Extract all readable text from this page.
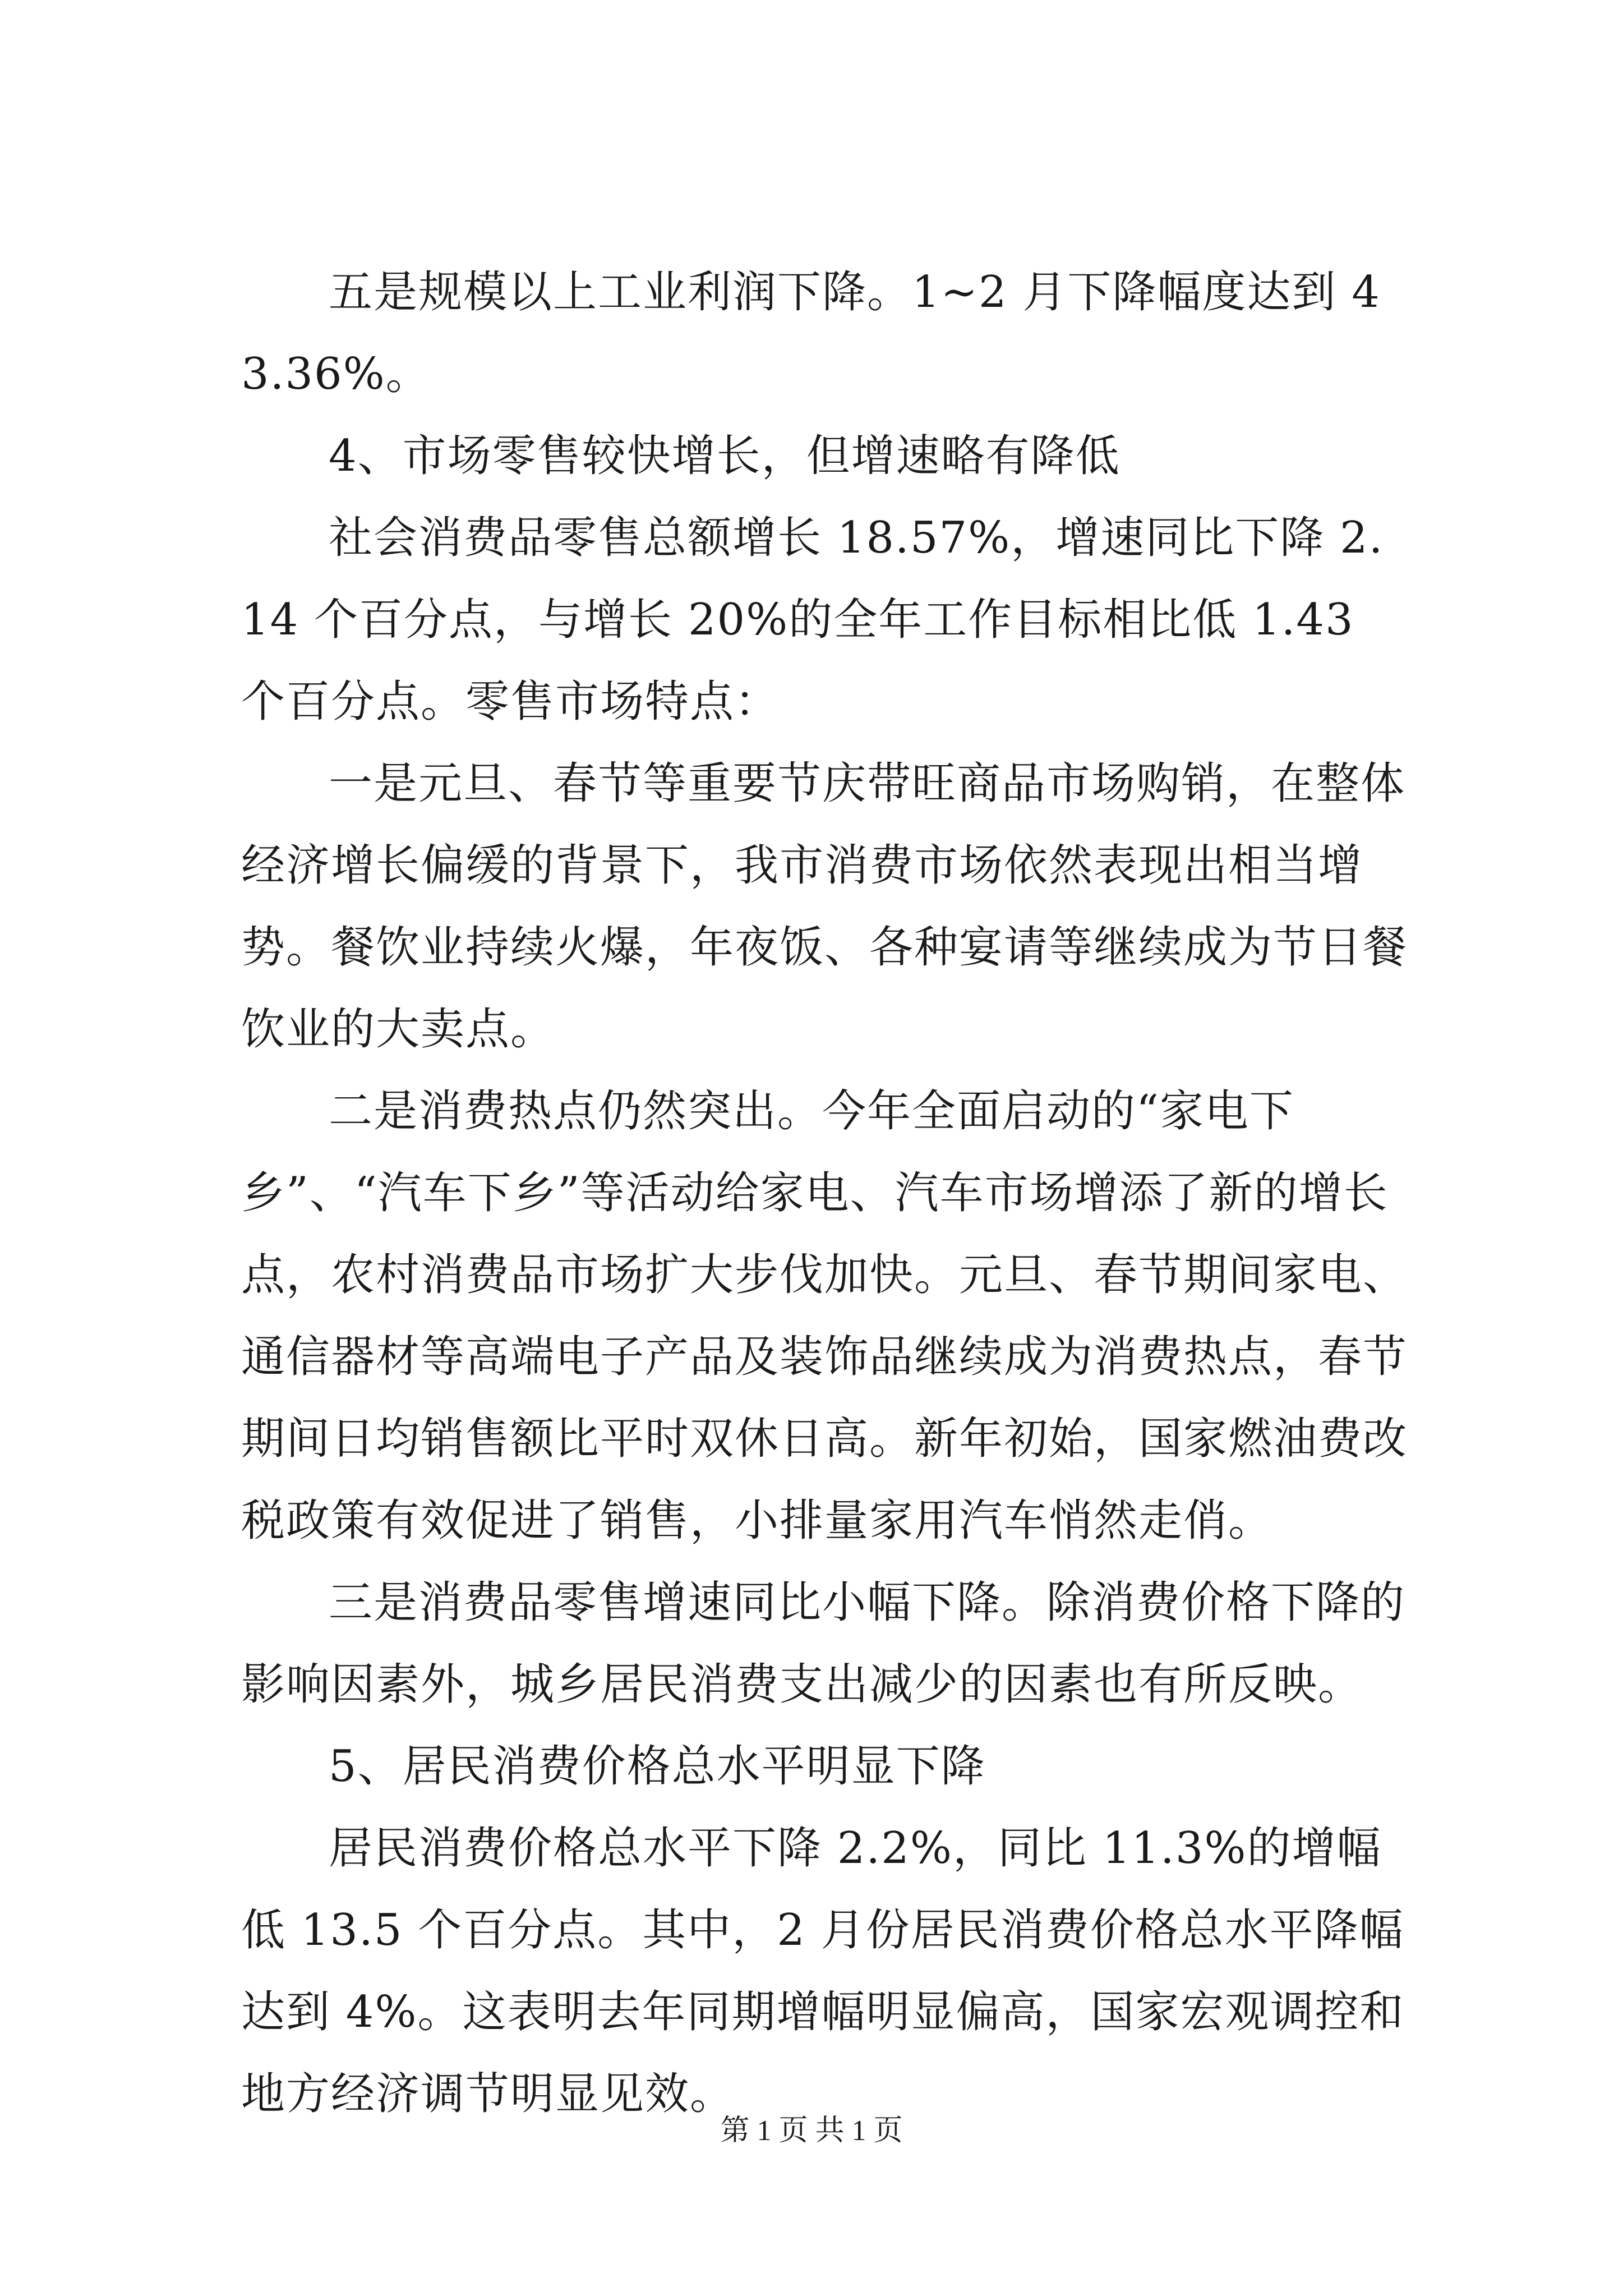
五是规模以上工业利润下降。1~2 月下降幅度达到 43.36%。

4、市场零售较快增长，但增速略有降低

社会消费品零售总额增长 18.57%，增速同比下降 2.14 个百分点，与增长 20%的全年工作目标相比低 1.43 个百分点。零售市场特点：

一是元旦、春节等重要节庆带旺商品市场购销，在整体经济增长偏缓的背景下，我市消费市场依然表现出相当增势。餐饮业持续火爆，年夜饭、各种宴请等继续成为节日餐饮业的大卖点。

二是消费热点仍然突出。今年全面启动的“家电下乡”、“汽车下乡”等活动给家电、汽车市场增添了新的增长点，农村消费品市场扩大步伐加快。元旦、春节期间家电、通信器材等高端电子产品及装饰品继续成为消费热点，春节期间日均销售额比平时双休日高。新年初始，国家燃油费改税政策有效促进了销售，小排量家用汽车悄然走俏。

三是消费品零售增速同比小幅下降。除消费价格下降的影响因素外，城乡居民消费支出减少的因素也有所反映。

5、居民消费价格总水平明显下降

居民消费价格总水平下降 2.2%，同比 11.3%的增幅低 13.5 个百分点。其中，2 月份居民消费价格总水平降幅达到 4%。这表明去年同期增幅明显偏高，国家宏观调控和地方经济调节明显见效。

第 1 页 共 1 页
